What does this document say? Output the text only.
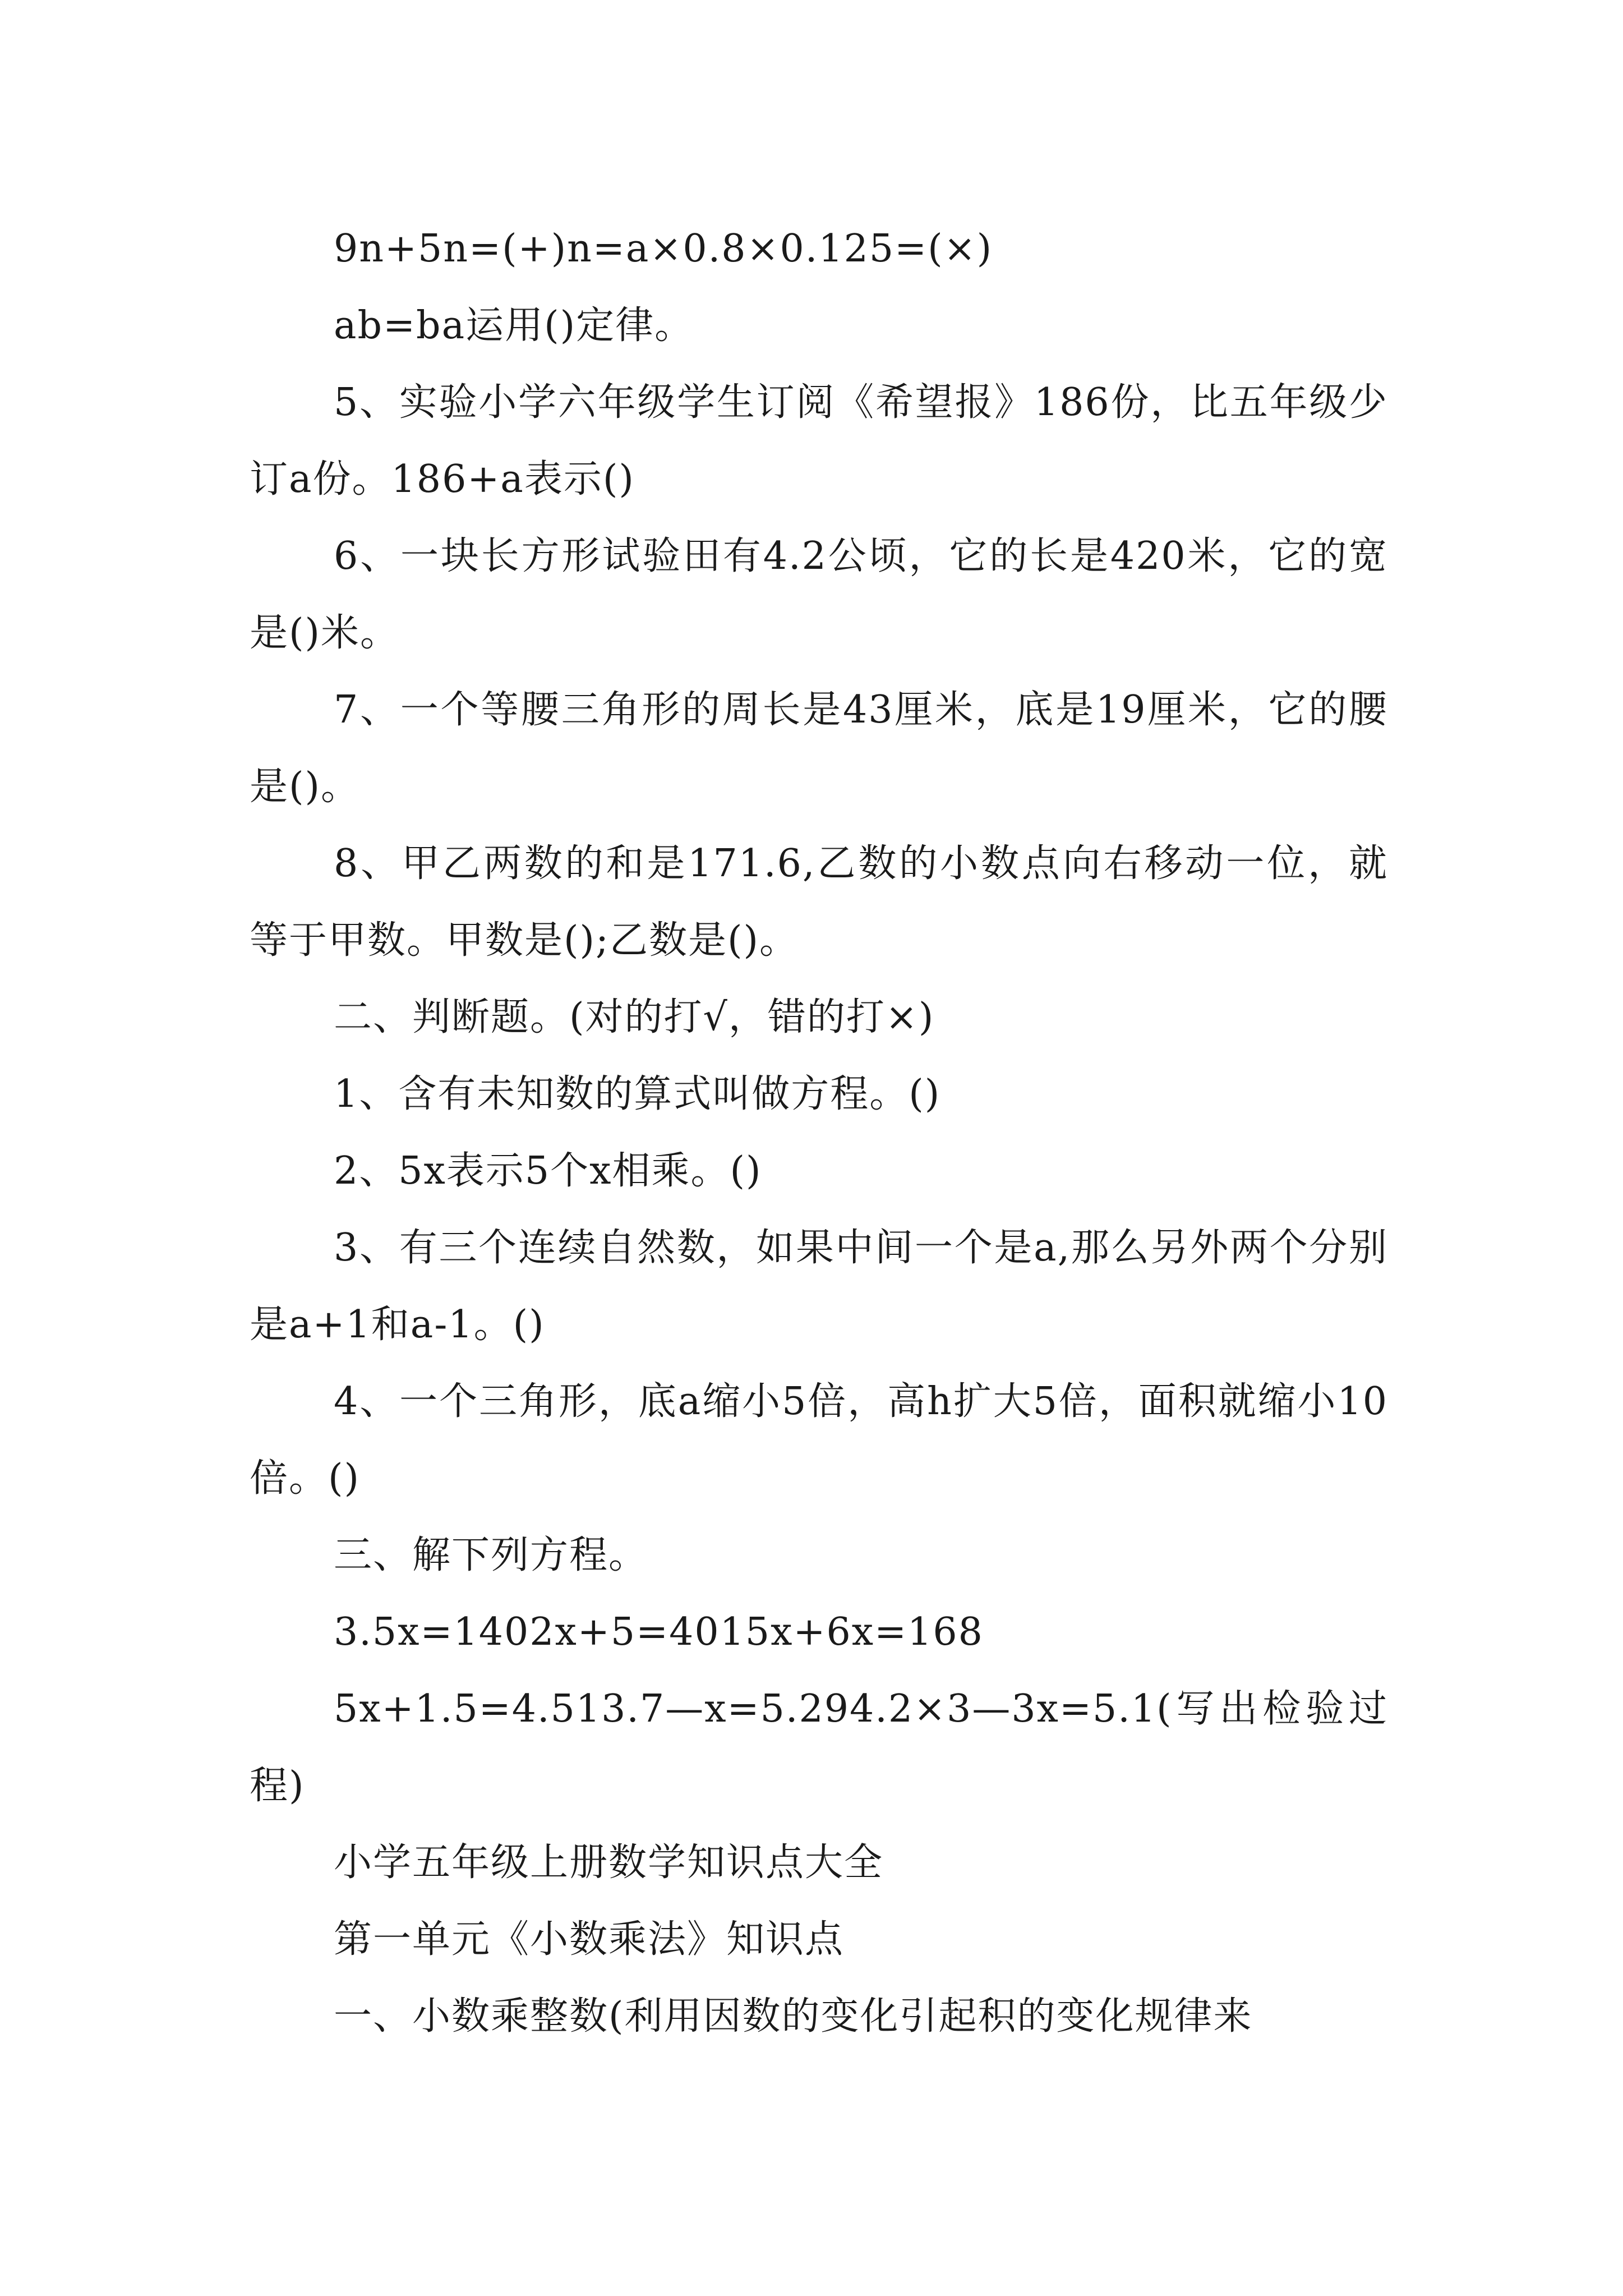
9n+5n=(+)n=a×0.8×0.125=(×)

ab=ba运用()定律。

5、实验小学六年级学生订阅《希望报》186份，比五年级少订a份。186+a表示()

6、一块长方形试验田有4.2公顷，它的长是420米，它的宽是()米。

7、一个等腰三角形的周长是43厘米，底是19厘米，它的腰是()。

8、甲乙两数的和是171.6,乙数的小数点向右移动一位，就等于甲数。甲数是();乙数是()。

二、判断题。(对的打√，错的打×)

1、含有未知数的算式叫做方程。()

2、5x表示5个x相乘。()

3、有三个连续自然数，如果中间一个是a,那么另外两个分别是a+1和a-1。()

4、一个三角形，底a缩小5倍，高h扩大5倍，面积就缩小10倍。()

三、解下列方程。

3.5x=1402x+5=4015x+6x=168

5x+1.5=4.513.7—x=5.294.2×3—3x=5.1(写出检验过程)

小学五年级上册数学知识点大全

第一单元《小数乘法》知识点

一、小数乘整数(利用因数的变化引起积的变化规律来
